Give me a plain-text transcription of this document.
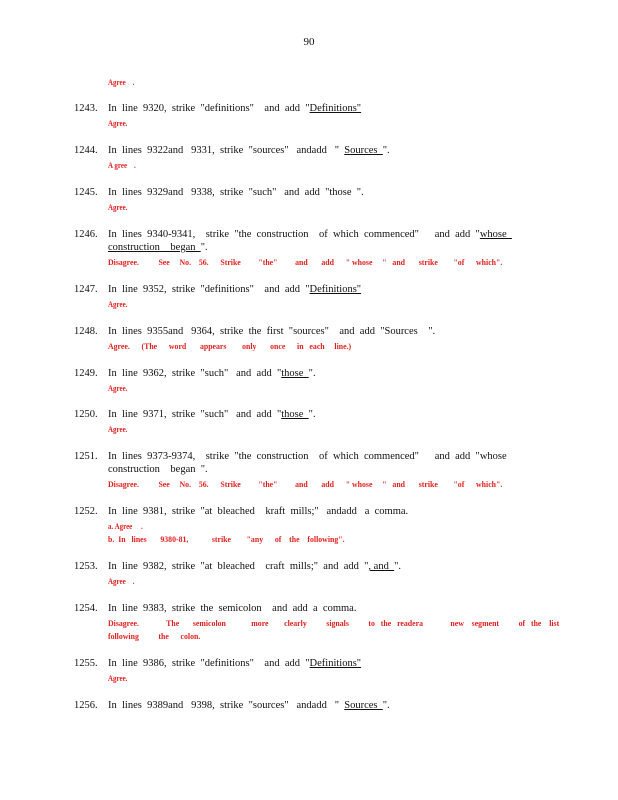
90
Agree    .
1243. In  line  9320,  strike  "definitions"    and  add  "Definitions"
Agree.
1244. In  lines  9322and   9331,  strike  "sources"   andadd   "  Sources  ".
A gree    .
1245. In  lines  9329and   9338,  strike  "such"   and  add  "those  ".
Agree.
1246. In  lines  9340-9341,    strike  "the  construction    of  which  commenced"      and  add  "whose
construction    began  ".
Disagree.          See     No.    56.      Strike         "the"         and       add      " whose     "   and       strike        "of      which".
1247. In  line  9352,  strike  "definitions"    and  add  "Definitions"
Agree.
1248. In  lines  9355and   9364,  strike  the  first  "sources"    and  add  "Sources    ".
Agree.      (The      word       appears        only       once      in   each     line.)
1249. In  line  9362,  strike  "such"   and  add  "those  ".
Agree.
1250. In  line  9371,  strike  "such"   and  add  "those  ".
Agree.
1251. In  lines  9373-9374,    strike  "the  construction    of  which  commenced"      and  add  "whose
construction    began  ".
Disagree.          See     No.    56.      Strike         "the"         and       add      " whose     "   and       strike        "of      which".
1252. In  line  9381,  strike  "at  bleached    kraft  mills;"   andadd   a  comma.
a. Agree     .
b.  In   lines       9380-81,            strike        "any      of    the    following".
1253. In  line  9382,  strike  "at  bleached    craft  mills;"  and  add  ", and  ".
Agree    .
1254. In  line  9383,  strike  the  semicolon    and  add  a  comma.
Disagree.              The       semicolon             more        clearly          signals          to   the   readera              new    segment          of   the    list
following          the      colon.
1255. In  line  9386,  strike  "definitions"    and  add  "Definitions"
Agree.
1256. In  lines  9389and   9398,  strike  "sources"   andadd   "  Sources  ".
